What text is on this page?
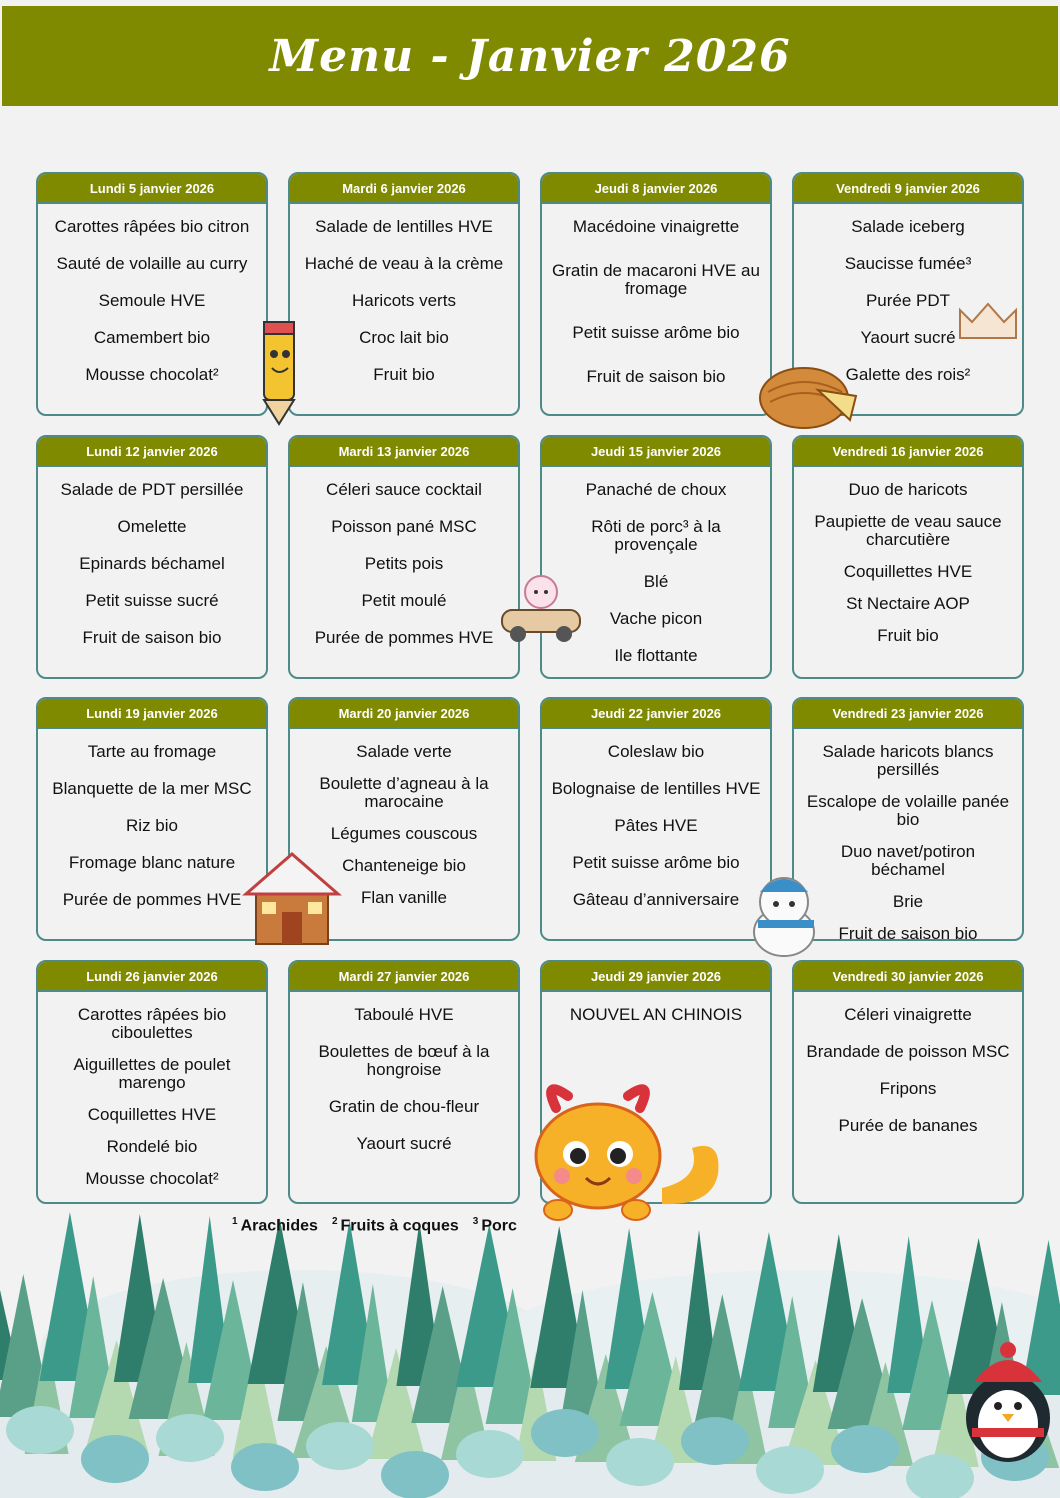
Menu - Janvier 2026
Lundi 5 janvier 2026
Carottes râpées bio citron
Sauté de volaille au curry
Semoule HVE
Camembert bio
Mousse chocolat²
Mardi 6 janvier 2026
Salade de lentilles HVE
Haché de veau à la crème
Haricots verts
Croc lait bio
Fruit bio
Jeudi 8 janvier 2026
Macédoine vinaigrette
Gratin de macaroni HVE au fromage
Petit suisse arôme bio
Fruit de saison bio
Vendredi 9 janvier 2026
Salade iceberg
Saucisse fumée³
Purée PDT
Yaourt sucré
Galette des rois²
Lundi 12 janvier 2026
Salade de PDT persillée
Omelette
Epinards béchamel
Petit suisse sucré
Fruit de saison bio
Mardi 13 janvier 2026
Céleri sauce cocktail
Poisson pané MSC
Petits pois
Petit moulé
Purée de pommes HVE
Jeudi 15 janvier 2026
Panaché de choux
Rôti de porc³ à la provençale
Blé
Vache picon
Ile flottante
Vendredi 16 janvier 2026
Duo de haricots
Paupiette de veau sauce charcutière
Coquillettes HVE
St Nectaire AOP
Fruit bio
Lundi 19 janvier 2026
Tarte au fromage
Blanquette de la mer MSC
Riz bio
Fromage blanc nature
Purée de pommes HVE
Mardi 20 janvier 2026
Salade verte
Boulette d’agneau à la marocaine
Légumes couscous
Chanteneige bio
Flan vanille
Jeudi 22 janvier 2026
Coleslaw bio
Bolognaise de lentilles HVE
Pâtes HVE
Petit suisse arôme bio
Gâteau d’anniversaire
Vendredi 23 janvier 2026
Salade haricots blancs persillés
Escalope de volaille panée bio
Duo navet/potiron béchamel
Brie
Fruit de saison bio
Lundi 26 janvier 2026
Carottes râpées bio ciboulettes
Aiguillettes de poulet marengo
Coquillettes HVE
Rondelé bio
Mousse chocolat²
Mardi 27 janvier 2026
Taboulé HVE
Boulettes de bœuf à la hongroise
Gratin de chou-fleur
Yaourt sucré
Jeudi 29 janvier 2026
NOUVEL AN CHINOIS
Vendredi 30 janvier 2026
Céleri vinaigrette
Brandade de poisson MSC
Fripons
Purée de bananes
$^1$ Arachides $^2$ Fruits à coques $^3$ Porc
